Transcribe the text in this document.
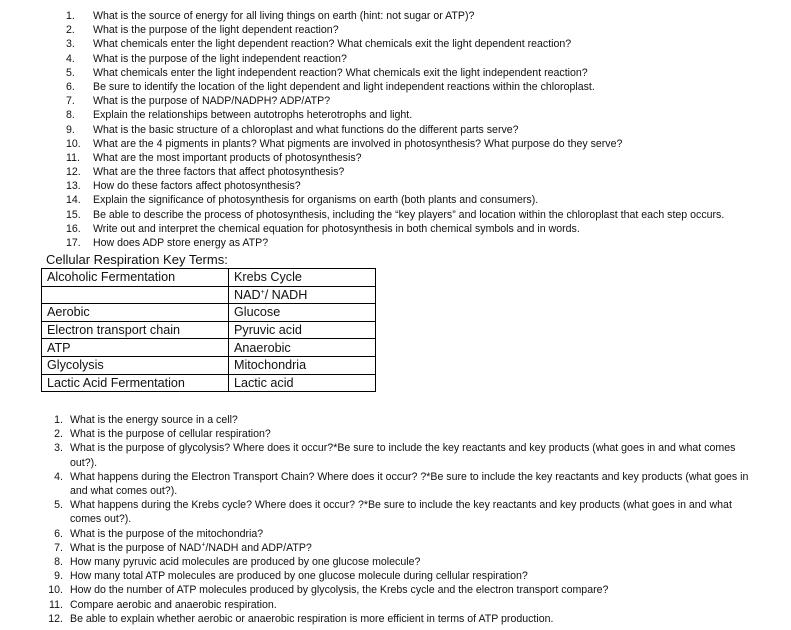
1.	What is the source of energy for all living things on earth (hint: not sugar or ATP)?
2.	What is the purpose of the light dependent reaction?
3.	What chemicals enter the light dependent reaction? What chemicals exit the light dependent reaction?
4.	What is the purpose of the light independent reaction?
5.	What chemicals enter the light independent reaction? What chemicals exit the light independent reaction?
6.	Be sure to identify the location of the light dependent and light independent reactions within the chloroplast.
7.	What is the purpose of NADP/NADPH? ADP/ATP?
8.	Explain the relationships between autotrophs heterotrophs and light.
9.	What is the basic structure of a chloroplast and what functions do the different parts serve?
10.	What are the 4 pigments in plants? What pigments are involved in photosynthesis? What purpose do they serve?
11.	What are the most important products of photosynthesis?
12.	What are the three factors that affect photosynthesis?
13.	How do these factors affect photosynthesis?
14.	Explain the significance of photosynthesis for organisms on earth (both plants and consumers).
15.	Be able to describe the process of photosynthesis, including the “key players” and location within the chloroplast that each step occurs.
16.	Write out and interpret the chemical equation for photosynthesis in both chemical symbols and in words.
17.	How does ADP store energy as ATP?
Cellular Respiration Key Terms:
Alcoholic Fermentation	Krebs Cycle
	NAD+/ NADH
Aerobic	Glucose
Electron transport chain	Pyruvic acid
ATP	Anaerobic
Glycolysis	Mitochondria
Lactic Acid Fermentation	Lactic acid
1. What is the energy source in a cell?
2. What is the purpose of cellular respiration?
3. What is the purpose of glycolysis? Where does it occur?*Be sure to include the key reactants and key products (what goes in and what comes out?).
4. What happens during the Electron Transport Chain? Where does it occur? ?*Be sure to include the key reactants and key products (what goes in and what comes out?).
5. What happens during the Krebs cycle? Where does it occur? ?*Be sure to include the key reactants and key products (what goes in and what comes out?).
6. What is the purpose of the mitochondria?
7. What is the purpose of NAD+/NADH and ADP/ATP?
8. How many pyruvic acid molecules are produced by one glucose molecule?
9. How many total ATP molecules are produced by one glucose molecule during cellular respiration?
10. How do the number of ATP molecules produced by glycolysis, the Krebs cycle and the electron transport compare?
11. Compare aerobic and anaerobic respiration.
12. Be able to explain whether aerobic or anaerobic respiration is more efficient in terms of ATP production.
